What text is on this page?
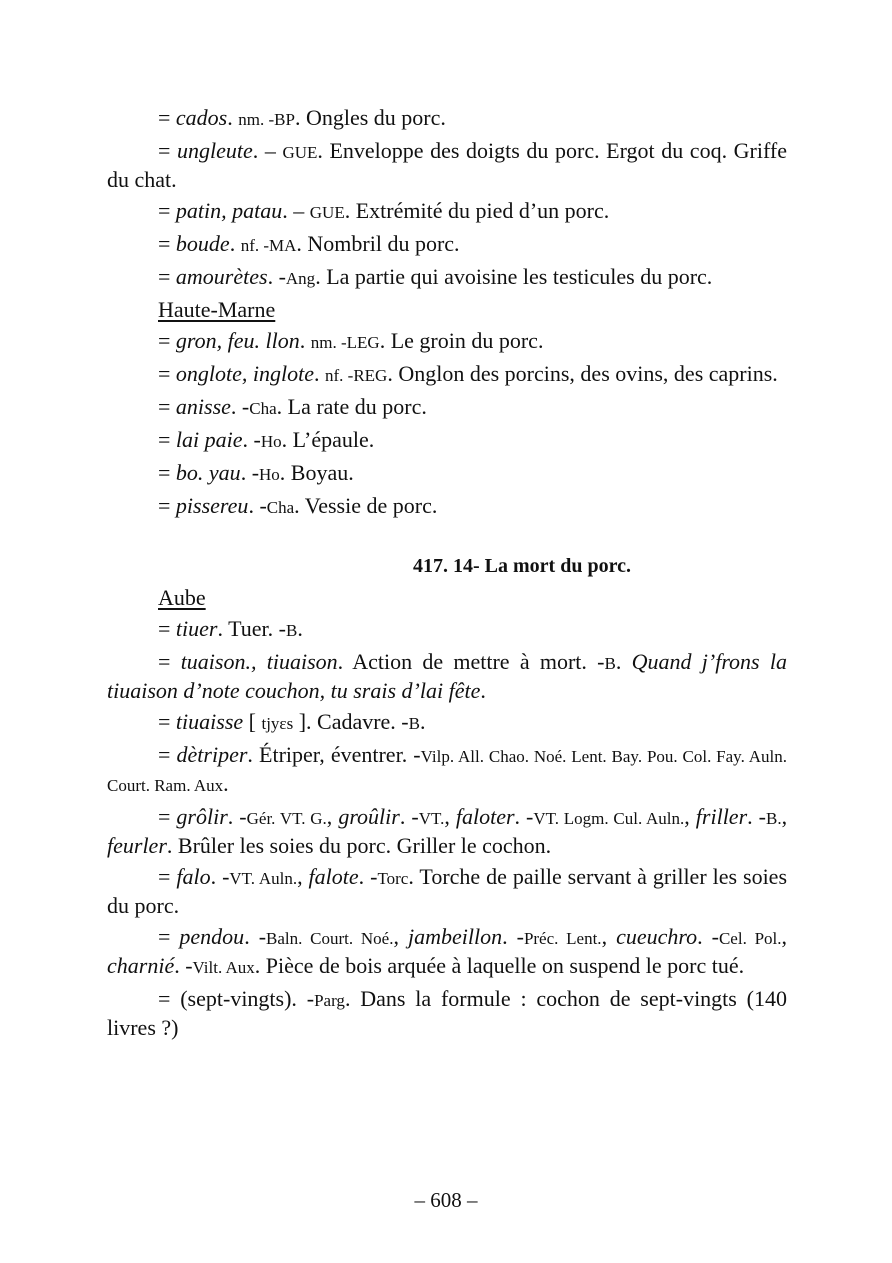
= cados. nm. -BP. Ongles du porc.

= ungleute. – GUE. Enveloppe des doigts du porc. Ergot du coq. Griffe du chat.

= patin, patau. – GUE. Extrémité du pied d’un porc.

= boude. nf. -MA. Nombril du porc.

= amourètes. -Ang. La partie qui avoisine les testicules du porc.

Haute-Marne

= gron, feu. llon. nm. -LEG. Le groin du porc.

= onglote, inglote. nf. -REG. Onglon des porcins, des ovins, des caprins.

= anisse. -Cha. La rate du porc.

= lai paie. -Ho. L’épaule.

= bo. yau. -Ho. Boyau.

= pissereu. -Cha. Vessie de porc.

417. 14- La mort du porc.

Aube

= tiuer. Tuer. -B.

= tuaison., tiuaison. Action de mettre à mort. -B. Quand j’frons la tiuaison d’note couchon, tu srais d’lai fête.

= tiuaisse [ tjyɛs ]. Cadavre. -B.

= dètriper. Étriper, éventrer. -Vilp. All. Chao. Noé. Lent. Bay. Pou. Col. Fay. Auln. Court. Ram. Aux.

= grôlir. -Gér. VT. G., groûlir. -VT., faloter. -VT. Logm. Cul. Auln., friller. -B., feurler. Brûler les soies du porc. Griller le cochon.

= falo. -VT. Auln., falote. -Torc. Torche de paille servant à griller les soies du porc.

= pendou. -Baln. Court. Noé., jambeillon. -Préc. Lent., cueuchro. -Cel. Pol., charnié. -Vilt. Aux. Pièce de bois arquée à laquelle on suspend le porc tué.

= (sept-vingts). -Parg. Dans la formule : cochon de sept-vingts (140 livres ?)

– 608 –
